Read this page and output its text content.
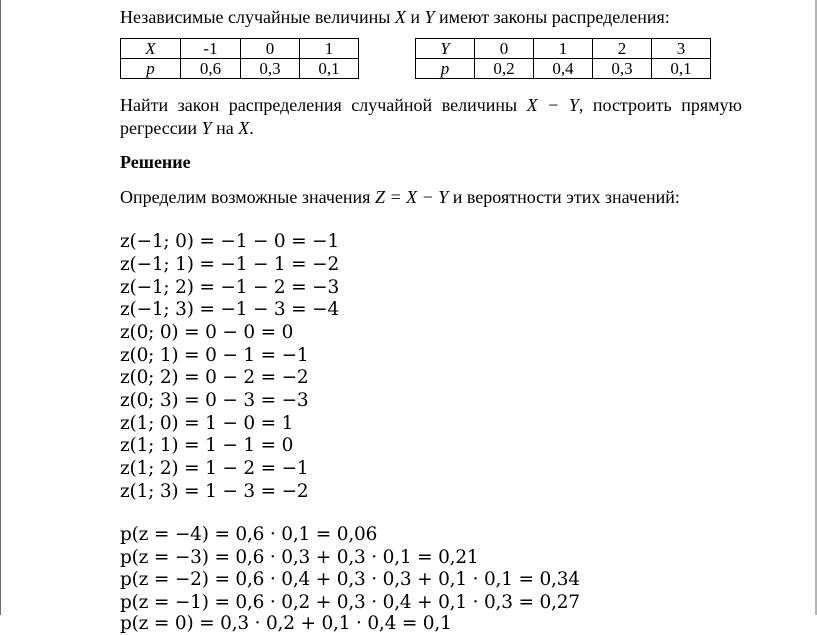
Независимые случайные величины X и Y имеют законы распределения:
X	-1	0	1
p	0,6	0,3	0,1
Y	0	1	2	3
p	0,2	0,4	0,3	0,1
Найти закон распределения случайной величины X − Y, построить прямую
регрессии Y на X.
Решение
Определим возможные значения Z = X − Y и вероятности этих значений:
z(−1; 0) = −1 − 0 = −1
z(−1; 1) = −1 − 1 = −2
z(−1; 2) = −1 − 2 = −3
z(−1; 3) = −1 − 3 = −4
z(0; 0) = 0 − 0 = 0
z(0; 1) = 0 − 1 = −1
z(0; 2) = 0 − 2 = −2
z(0; 3) = 0 − 3 = −3
z(1; 0) = 1 − 0 = 1
z(1; 1) = 1 − 1 = 0
z(1; 2) = 1 − 2 = −1
z(1; 3) = 1 − 3 = −2
p(z = −4) = 0,6 · 0,1 = 0,06
p(z = −3) = 0,6 · 0,3 + 0,3 · 0,1 = 0,21
p(z = −2) = 0,6 · 0,4 + 0,3 · 0,3 + 0,1 · 0,1 = 0,34
p(z = −1) = 0,6 · 0,2 + 0,3 · 0,4 + 0,1 · 0,3 = 0,27
p(z = 0) = 0,3 · 0,2 + 0,1 · 0,4 = 0,1
